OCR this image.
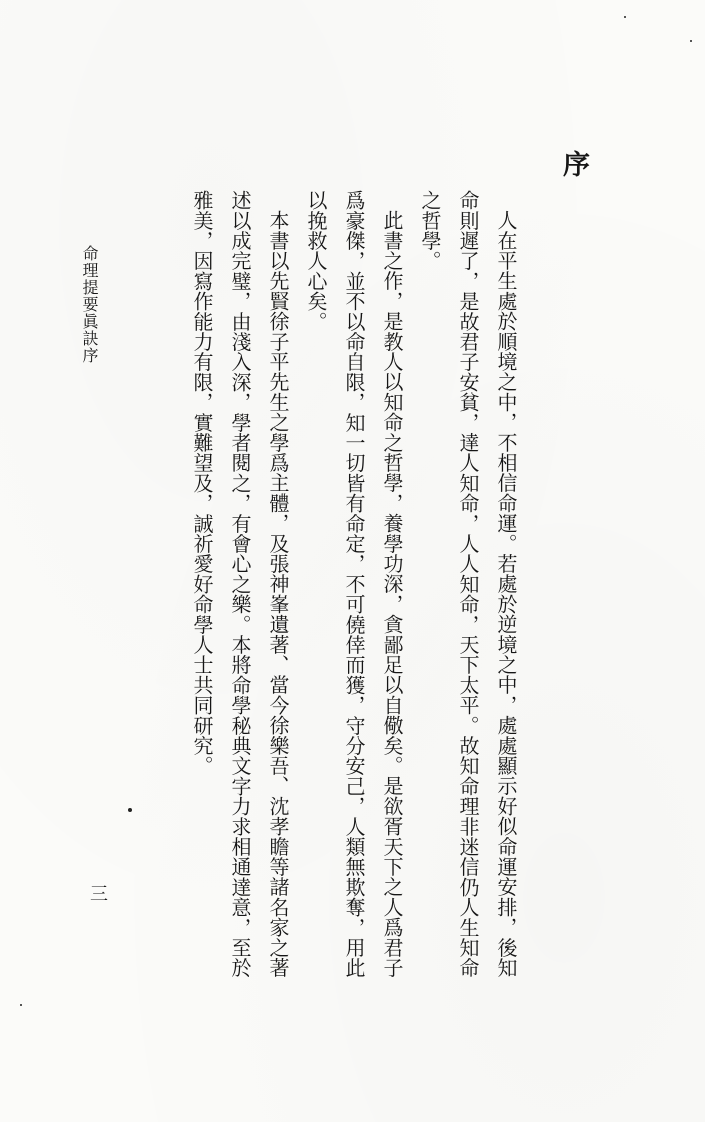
序

人在平生處於順境之中，不相信命運。若處於逆境之中，處處顯示好似命運安排，後知命則遲了，是故君子安貧，達人知命，人人知命，天下太平。故知命理非迷信仍人生知命之哲學。

此書之作，是教人以知命之哲學，養學功深，貪鄙足以自儆矣。是欲胥天下之人爲君子爲豪傑，並不以命自限，知一切皆有命定，不可僥倖而獲，守分安己，人類無欺奪，用此以挽救人心矣。

本書以先賢徐子平先生之學爲主體，及張神峯遺著、當今徐樂吾、沈孝瞻等諸名家之著述以成完璧，由淺入深，學者閱之，有會心之樂。本將命學秘典文字力求相通達意，至於雅美，因寫作能力有限，實難望及，誠祈愛好命學人士共同研究。

命理提要眞訣序
三
